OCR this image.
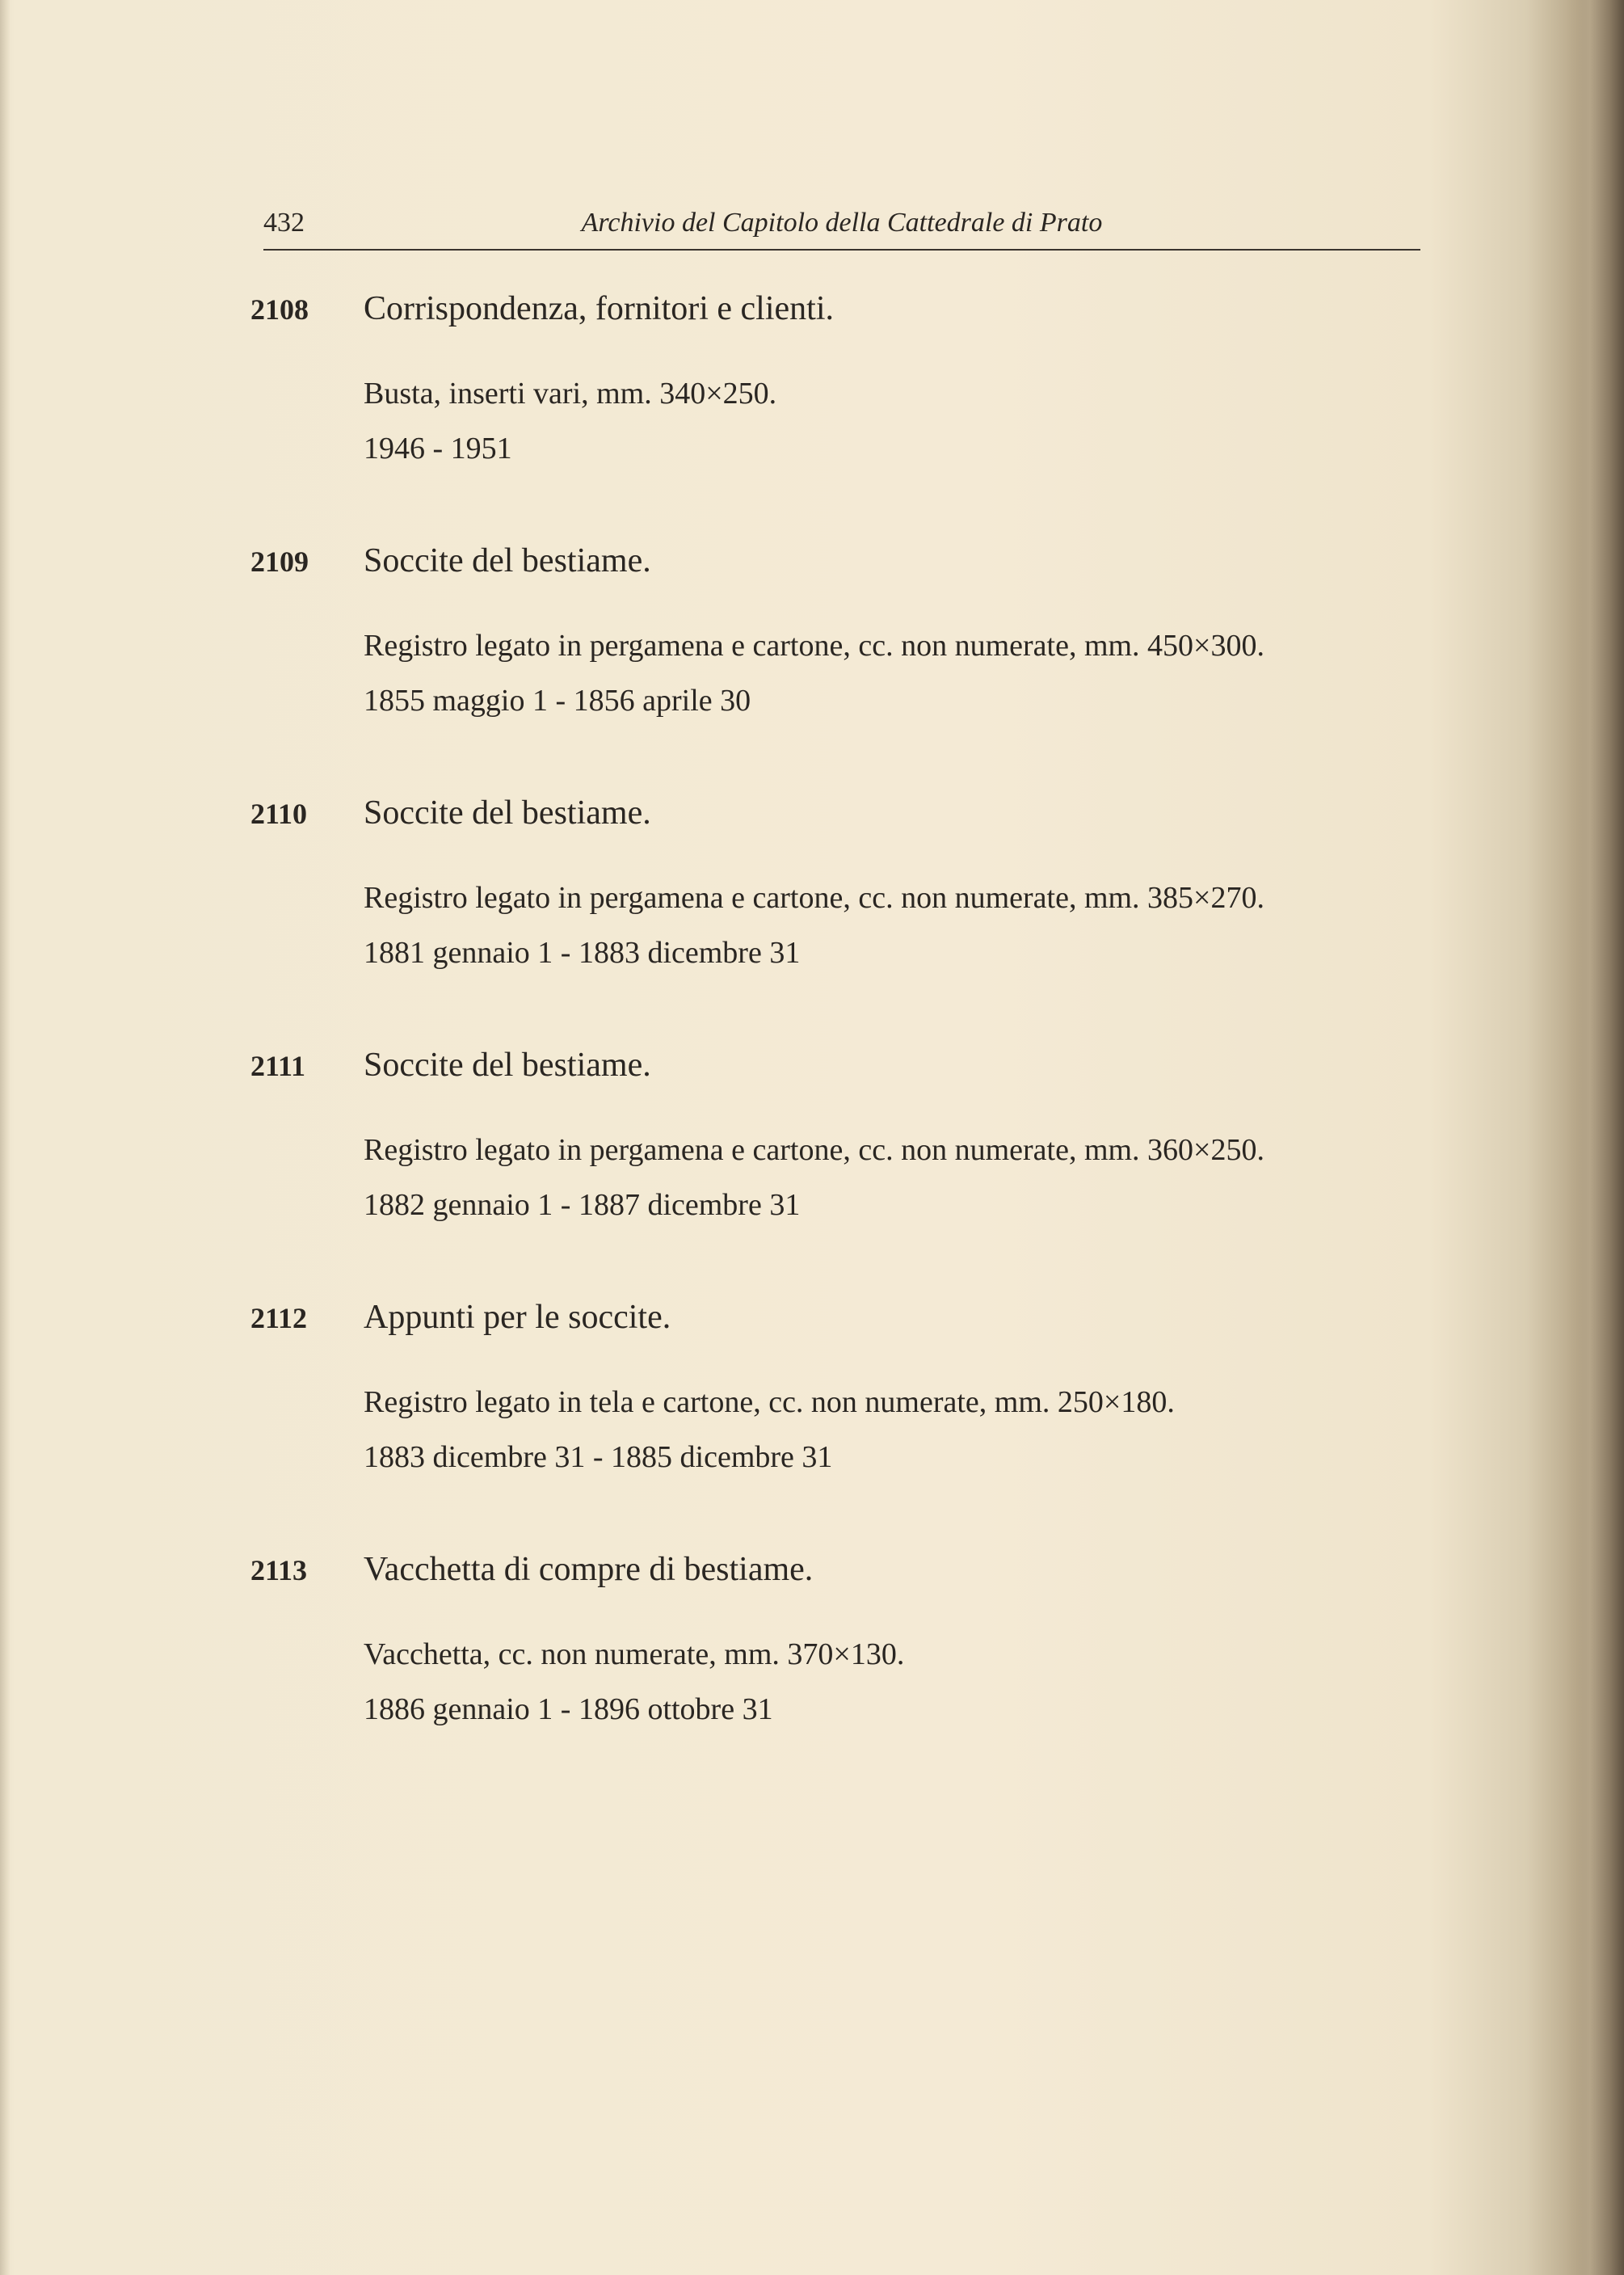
Archivio del Capitolo della Cattedrale di Prato
432
2108	Corrispondenza, fornitori e clienti.
Busta, inserti vari, mm. 340×250.
1946 - 1951
2109	Soccite del bestiame.
Registro legato in pergamena e cartone, cc. non numerate, mm. 450×300.
1855 maggio 1 - 1856 aprile 30
2110	Soccite del bestiame.
Registro legato in pergamena e cartone, cc. non numerate, mm. 385×270.
1881 gennaio 1 - 1883 dicembre 31
2111	Soccite del bestiame.
Registro legato in pergamena e cartone, cc. non numerate, mm. 360×250.
1882 gennaio 1 - 1887 dicembre 31
2112	Appunti per le soccite.
Registro legato in tela e cartone, cc. non numerate, mm. 250×180.
1883 dicembre 31 - 1885 dicembre 31
2113	Vacchetta di compre di bestiame.
Vacchetta, cc. non numerate, mm. 370×130.
1886 gennaio 1 - 1896 ottobre 31
